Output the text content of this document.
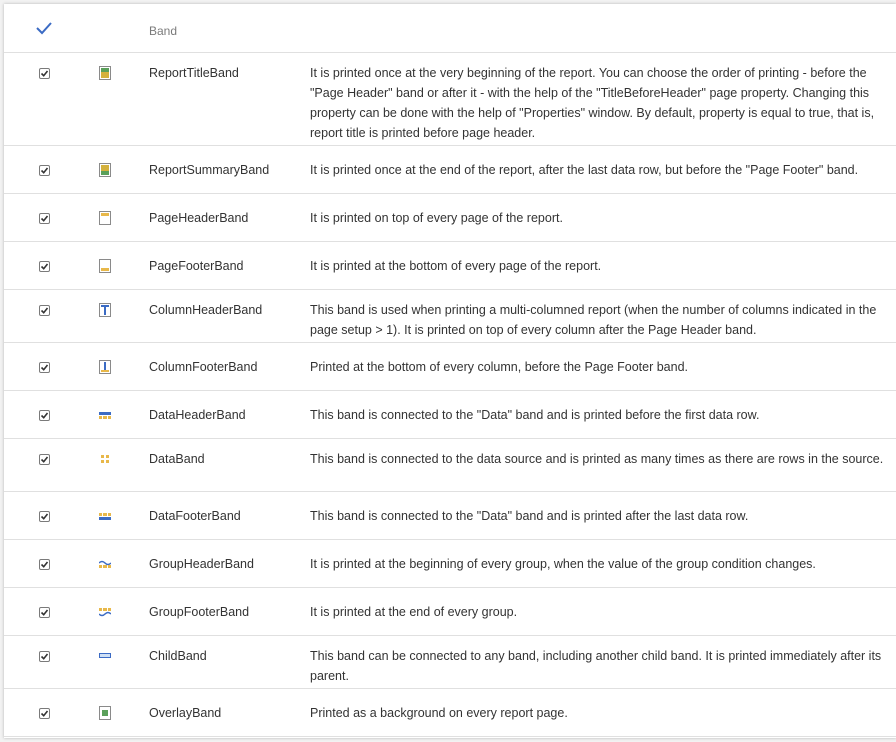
Band
ReportTitleBand	It is printed once at the very beginning of the report. You can choose the order of printing - before the "Page Header" band or after it - with the help of the "TitleBeforeHeader" page property. Changing this property can be done with the help of "Properties" window. By default, property is equal to true, that is, report title is printed before page header.
ReportSummaryBand	It is printed once at the end of the report, after the last data row, but before the "Page Footer" band.
PageHeaderBand	It is printed on top of every page of the report.
PageFooterBand	It is printed at the bottom of every page of the report.
ColumnHeaderBand	This band is used when printing a multi-columned report (when the number of columns indicated in the page setup > 1). It is printed on top of every column after the Page Header band.
ColumnFooterBand	Printed at the bottom of every column, before the Page Footer band.
DataHeaderBand	This band is connected to the "Data" band and is printed before the first data row.
DataBand	This band is connected to the data source and is printed as many times as there are rows in the source.
DataFooterBand	This band is connected to the "Data" band and is printed after the last data row.
GroupHeaderBand	It is printed at the beginning of every group, when the value of the group condition changes.
GroupFooterBand	It is printed at the end of every group.
ChildBand	This band can be connected to any band, including another child band. It is printed immediately after its parent.
OverlayBand	Printed as a background on every report page.
